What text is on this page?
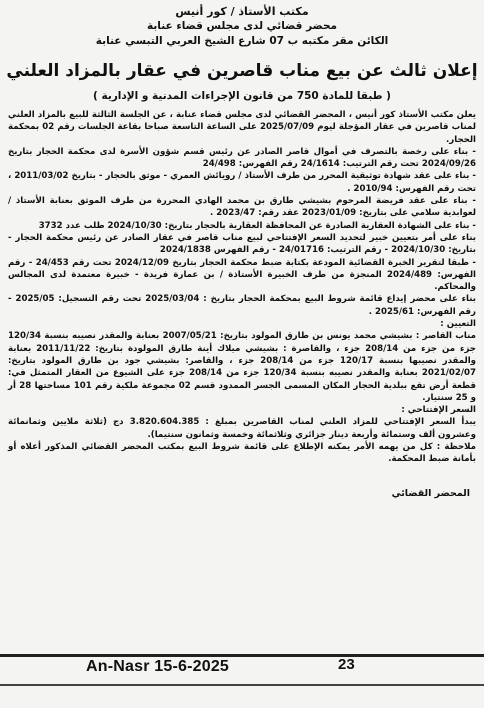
مكتب الأستاذ / كور أنيس
محضر قضائي لدى مجلس قضاء عنابة
الكائن مقر مكتبه ب 07 شارع الشيخ العربي التبسي عنابة
إعلان ثالث عن بيع مناب قاصرين في عقار بالمزاد العلني
( طبقا للمادة 750 من قانون الإجراءات المدنية و الإدارية )

يعلن مكتب الأستاذ كور أنيس ، المحضر القضائي لدى مجلس قضاء عنابة ، عن الجلسة الثالثة للبيع بالمزاد العلني لمناب قاصرين في عقار المؤجلة ليوم 2025/07/09 على الساعة التاسعة صباحا بقاعة الجلسات رقم 02 بمحكمة الحجار.

- بناء على رخصة بالتصرف في أموال قاصر الصادر عن رئيس قسم شؤون الأسرة لدى محكمة الحجار بتاريخ 2024/09/26 تحت رقم الترتيب: 24/1614 رقم الفهرس: 24/498

- بناء على عقد شهادة توثيقية المحرر من طرف الأستاذ / رويائش العمري - موثق بالحجار - بتاريخ 2011/03/02 ، تحت رقم الفهرس: 2010/94 .

- بناء على عقد فريضة المرحوم بشيشي طارق بن محمد الهادي المحررة من طرف الموثق بعنابة الأستاذ / لعوابدية سلامي على بتاريخ: 2023/01/09 عقد رقم: 2023/47 .

- بناء على الشهادة العقارية الصادرة عن المحافظة العقارية بالحجار بتاريخ: 2024/10/30 طلب عدد 3732

بناء على أمر بتعيين خبير لتحديد السعر الإفتتاحي لبيع مناب قاصر في عقار الصادر عن رئيس محكمة الحجار - بتاريخ: 2024/10/30 - رقم الترتيب: 24/01716 - رقم الفهرس 2024/1838

- طبقا لتقرير الخبرة القضائية المودعة بكتابة ضبط محكمة الحجار بتاريخ 2024/12/09 تحت رقم 24/453 - رقم الفهرس: 2024/489 المنجزة من طرف الخبيرة الأستاذة / بن عمارة فريدة - خبيرة معتمدة لدى المجالس والمحاكم.

بناء على محضر إيداع قائمة شروط البيع بمحكمة الحجار بتاريخ : 2025/03/04 تحت رقم التسجيل: 2025/05 - رقم الفهرس: 2025/61 .

التعيين :

مناب القاصر : بشيشي محمد يونس بن طارق المولود بتاريخ: 2007/05/21 بعنابة والمقدر نصيبه بنسبة 120/34 جزء من جزء من 208/14 جزء ، والقاصرة : بشيشي ميلاك أينة طارق المولودة بتاريخ: 2011/11/22 بعنابة والمقدر نصيبها بنسبة 120/17 جزء من 208/14 جزء ، والقاصر: بشيشي جود بن طارق المولود بتاريخ: 2021/02/07 بعنابة والمقدر نصيبه بنسبة 120/34 جزء من 208/14 جزء على الشيوع من العقار المتمثل في: قطعة أرض تقع ببلدية الحجار المكان المسمى الجسر الممدود قسم 02 مجموعة ملكية رقم 101 مساحتها 28 أر و 25 سنتيار.

السعر الإفتتاحي :

يبدأ السعر الإفتتاحي للمزاد العلني لمناب القاصرين بمبلغ : 3.820.604.385 دج (ثلاثة ملايين وثمانمائة وعشرون ألف وستمائة وأربعة دينار جزائري وثلاثمائة وخمسة وثمانون سنتيما).

ملاحظة : كل من يهمه الأمر يمكنه الإطلاع على قائمة شروط البيع بمكتب المحضر القضائي المذكور أعلاه أو بأمانة ضبط المحكمة.

المحضر القضائي
An-Nasr 15-6-2025	23
